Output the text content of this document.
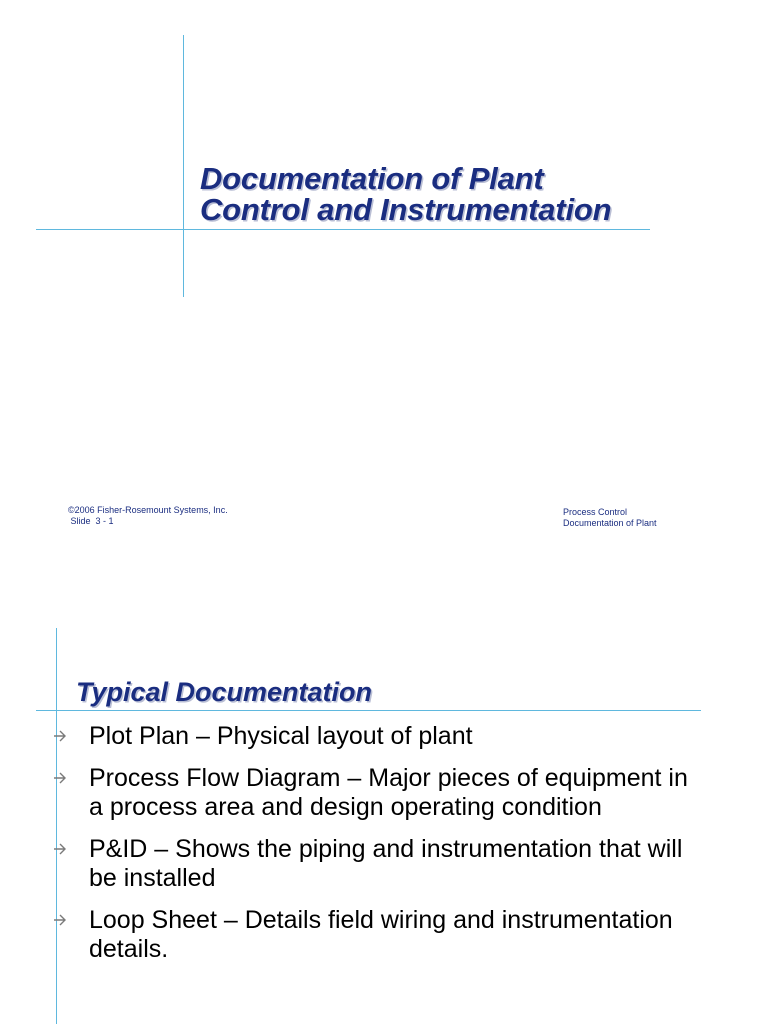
Documentation of Plant
Control and Instrumentation
©2006 Fisher-Rosemount Systems, Inc.
Slide  3 - 1
Process Control
Documentation of Plant
Typical Documentation
Plot Plan – Physical layout of plant
Process Flow Diagram – Major pieces of equipment in a process area and design operating condition
P&ID – Shows the piping and instrumentation that will be installed
Loop Sheet – Details field wiring and instrumentation details.
